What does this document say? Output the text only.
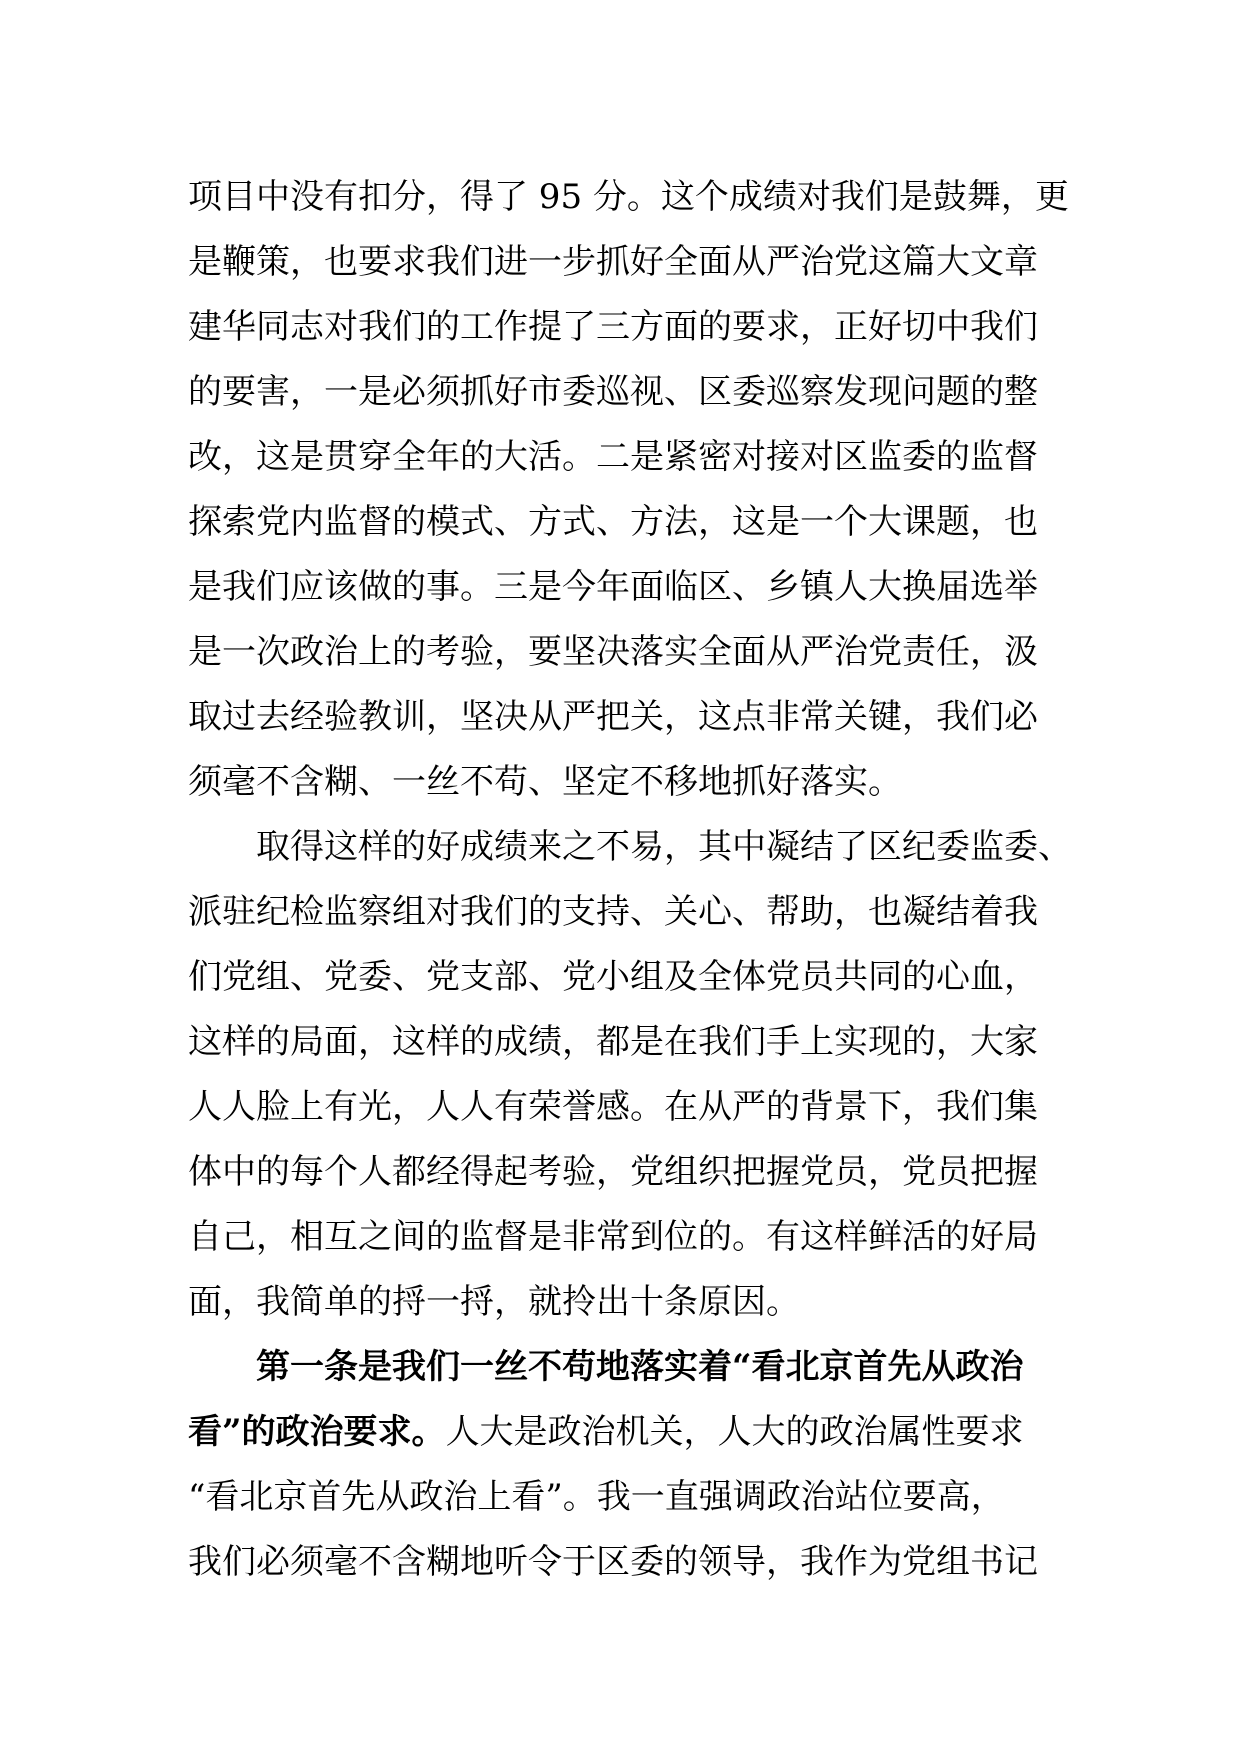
项目中没有扣分，得了 95 分。这个成绩对我们是鼓舞，更
是鞭策，也要求我们进一步抓好全面从严治党这篇大文章
建华同志对我们的工作提了三方面的要求，正好切中我们
的要害，一是必须抓好市委巡视、区委巡察发现问题的整
改，这是贯穿全年的大活。二是紧密对接对区监委的监督
探索党内监督的模式、方式、方法，这是一个大课题，也
是我们应该做的事。三是今年面临区、乡镇人大换届选举
是一次政治上的考验，要坚决落实全面从严治党责任，汲
取过去经验教训，坚决从严把关，这点非常关键，我们必
须毫不含糊、一丝不苟、坚定不移地抓好落实。
取得这样的好成绩来之不易，其中凝结了区纪委监委、
派驻纪检监察组对我们的支持、关心、帮助，也凝结着我
们党组、党委、党支部、党小组及全体党员共同的心血，
这样的局面，这样的成绩，都是在我们手上实现的，大家
人人脸上有光，人人有荣誉感。在从严的背景下，我们集
体中的每个人都经得起考验，党组织把握党员，党员把握
自己，相互之间的监督是非常到位的。有这样鲜活的好局
面，我简单的捋一捋，就拎出十条原因。
第一条是我们一丝不苟地落实着“看北京首先从政治
看”的政治要求。人大是政治机关，人大的政治属性要求
“看北京首先从政治上看”。我一直强调政治站位要高，
我们必须毫不含糊地听令于区委的领导，我作为党组书记
